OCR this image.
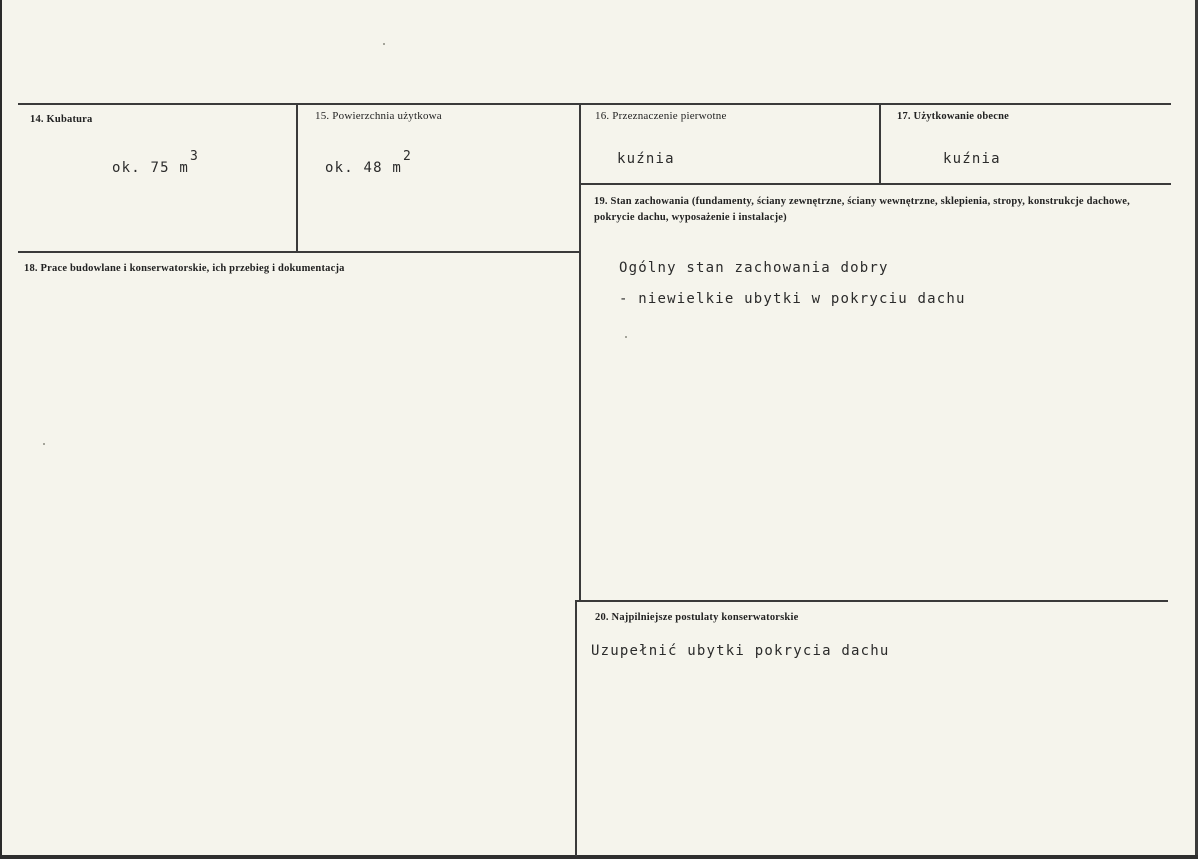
14. Kubatura
ok. 75 m3
15. Powierzchnia użytkowa
ok. 48 m2
16. Przeznaczenie pierwotne
kuźnia
17. Użytkowanie obecne
kuźnia
18. Prace budowlane i konserwatorskie, ich przebieg i dokumentacja
19. Stan zachowania (fundamenty, ściany zewnętrzne, ściany wewnętrzne, sklepienia, stropy, konstrukcje dachowe, pokrycie dachu, wyposażenie i instalacje)
Ogólny stan zachowania dobry
- niewielkie ubytki w pokryciu dachu
20. Najpilniejsze postulaty konserwatorskie
Uzupełnić ubytki pokrycia dachu
